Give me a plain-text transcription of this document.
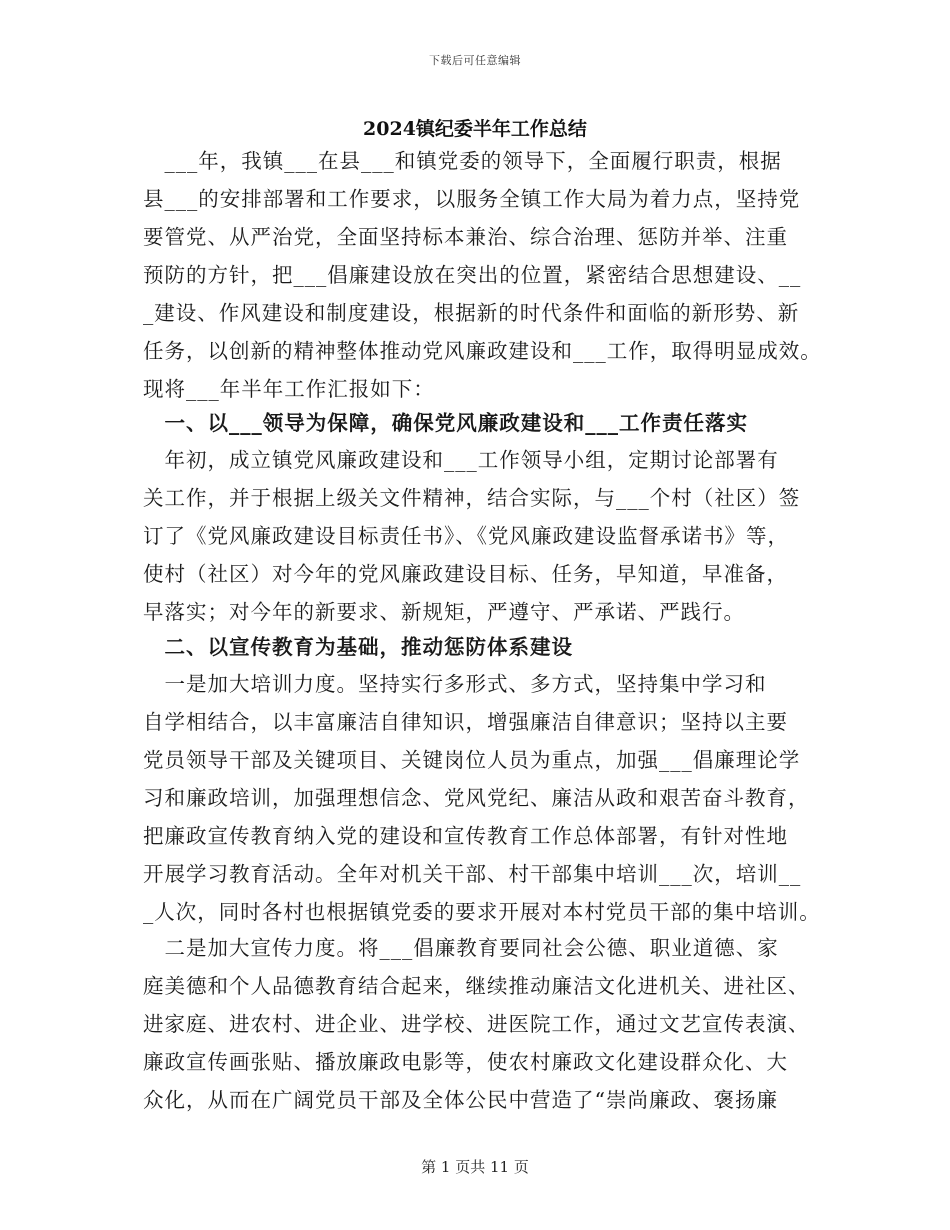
下载后可任意编辑
2024镇纪委半年工作总结
　___年，我镇___在县___和镇党委的领导下，全面履行职责，根据
县___的安排部署和工作要求，以服务全镇工作大局为着力点，坚持党
要管党、从严治党，全面坚持标本兼治、综合治理、惩防并举、注重
预防的方针，把___倡廉建设放在突出的位置，紧密结合思想建设、__
_建设、作风建设和制度建设，根据新的时代条件和面临的新形势、新
任务，以创新的精神整体推动党风廉政建设和___工作，取得明显成效。
现将___年半年工作汇报如下：
　一、以___领导为保障，确保党风廉政建设和___工作责任落实
　年初，成立镇党风廉政建设和___工作领导小组，定期讨论部署有
关工作，并于根据上级关文件精神，结合实际，与___个村（社区）签
订了《党风廉政建设目标责任书》、《党风廉政建设监督承诺书》等，
使村（社区）对今年的党风廉政建设目标、任务，早知道，早准备，
早落实；对今年的新要求、新规矩，严遵守、严承诺、严践行。
　二、以宣传教育为基础，推动惩防体系建设
　一是加大培训力度。坚持实行多形式、多方式，坚持集中学习和
自学相结合，以丰富廉洁自律知识，增强廉洁自律意识；坚持以主要
党员领导干部及关键项目、关键岗位人员为重点，加强___倡廉理论学
习和廉政培训，加强理想信念、党风党纪、廉洁从政和艰苦奋斗教育，
把廉政宣传教育纳入党的建设和宣传教育工作总体部署，有针对性地
开展学习教育活动。全年对机关干部、村干部集中培训___次，培训__
_人次，同时各村也根据镇党委的要求开展对本村党员干部的集中培训。
　二是加大宣传力度。将___倡廉教育要同社会公德、职业道德、家
庭美德和个人品德教育结合起来，继续推动廉洁文化进机关、进社区、
进家庭、进农村、进企业、进学校、进医院工作，通过文艺宣传表演、
廉政宣传画张贴、播放廉政电影等，使农村廉政文化建设群众化、大
众化，从而在广阔党员干部及全体公民中营造了“崇尚廉政、褒扬廉
第 1 页共 11 页
